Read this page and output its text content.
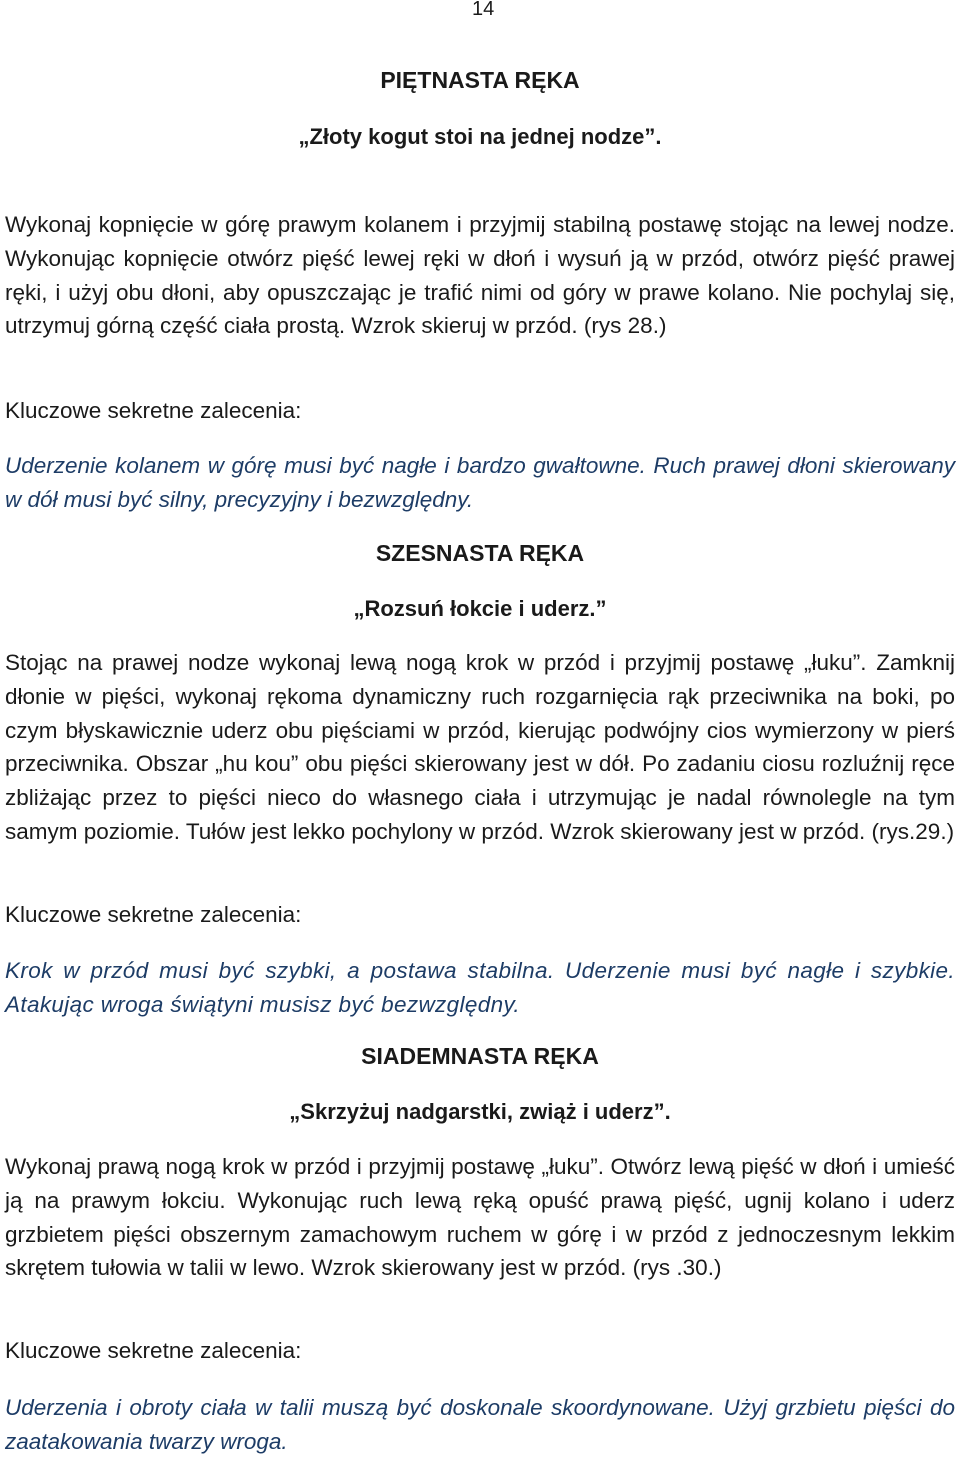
14
PIĘTNASTA RĘKA
„Złoty kogut stoi na jednej nodze”.

Wykonaj kopnięcie w górę prawym kolanem i przyjmij stabilną postawę stojąc na lewej nodze. Wykonując kopnięcie otwórz pięść lewej ręki w dłoń i wysuń ją w przód, otwórz pięść prawej ręki, i użyj obu dłoni, aby opuszczając je trafić nimi od góry w prawe kolano. Nie pochylaj się, utrzymuj górną część ciała prostą. Wzrok skieruj w przód. (rys 28.)

Kluczowe sekretne zalecenia:

Uderzenie kolanem w górę musi być nagłe i bardzo gwałtowne. Ruch prawej dłoni skierowany w dół musi być silny, precyzyjny i bezwzględny.

SZESNASTA RĘKA
„Rozsuń łokcie i uderz.”

Stojąc na prawej nodze wykonaj lewą nogą krok w przód i przyjmij postawę „łuku”. Zamknij dłonie w pięści, wykonaj rękoma dynamiczny ruch rozgarnięcia rąk przeciwnika na boki, po czym błyskawicznie uderz obu pięściami w przód, kierując podwójny cios wymierzony w pierś przeciwnika. Obszar „hu kou” obu pięści skierowany jest w dół. Po zadaniu ciosu rozluźnij ręce zbliżając przez to pięści nieco do własnego ciała i utrzymując je nadal równolegle na tym samym poziomie. Tułów jest lekko pochylony w przód. Wzrok skierowany jest w przód. (rys.29.)

Kluczowe sekretne zalecenia:

Krok w przód musi być szybki, a postawa stabilna. Uderzenie musi być nagłe i szybkie. Atakując wroga świątyni musisz być bezwzględny.

SIADEMNASTA RĘKA
„Skrzyżuj nadgarstki, zwiąż i uderz”.

Wykonaj prawą nogą krok w przód i przyjmij postawę „łuku”. Otwórz lewą pięść w dłoń i umieść ją na prawym łokciu. Wykonując ruch lewą ręką opuść prawą pięść, ugnij kolano i uderz grzbietem pięści obszernym zamachowym ruchem w górę i w przód z jednoczesnym lekkim skrętem tułowia w talii w lewo. Wzrok skierowany jest w przód. (rys .30.)

Kluczowe sekretne zalecenia:

Uderzenia i obroty ciała w talii muszą być doskonale skoordynowane. Użyj grzbietu pięści do zaatakowania twarzy wroga.
